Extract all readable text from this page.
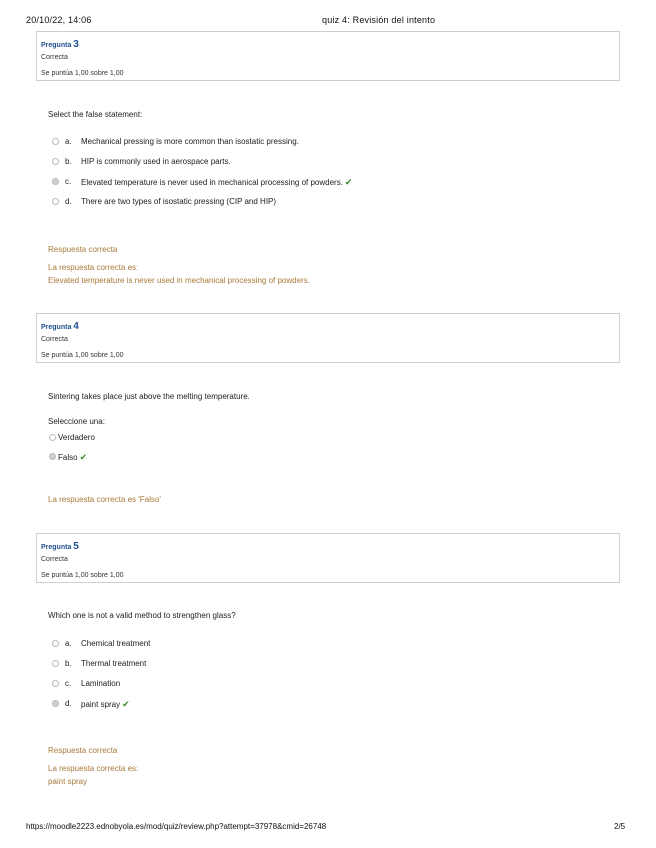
20/10/22, 14:06	quiz 4: Revisión del intento
Pregunta 3
Correcta
Se puntúa 1,00 sobre 1,00
Select the false statement:
a. Mechanical pressing is more common than isostatic pressing.
b. HIP is commonly used in aerospace parts.
c. Elevated temperature is never used in mechanical processing of powders. ✔
d. There are two types of isostatic pressing (CIP and HIP)
Respuesta correcta
La respuesta correcta es:
Elevated temperature is never used in mechanical processing of powders.
Pregunta 4
Correcta
Se puntúa 1,00 sobre 1,00
Sintering takes place just above the melting temperature.
Seleccione una:
Verdadero
Falso ✔
La respuesta correcta es 'Falso'
Pregunta 5
Correcta
Se puntúa 1,00 sobre 1,00
Which one is not a valid method to strengthen glass?
a. Chemical treatment
b. Thermal treatment
c. Lamination
d. paint spray ✔
Respuesta correcta
La respuesta correcta es:
paint spray
https://moodle2223.ednobyola.es/mod/quiz/review.php?attempt=37978&cmid=26748	2/5
